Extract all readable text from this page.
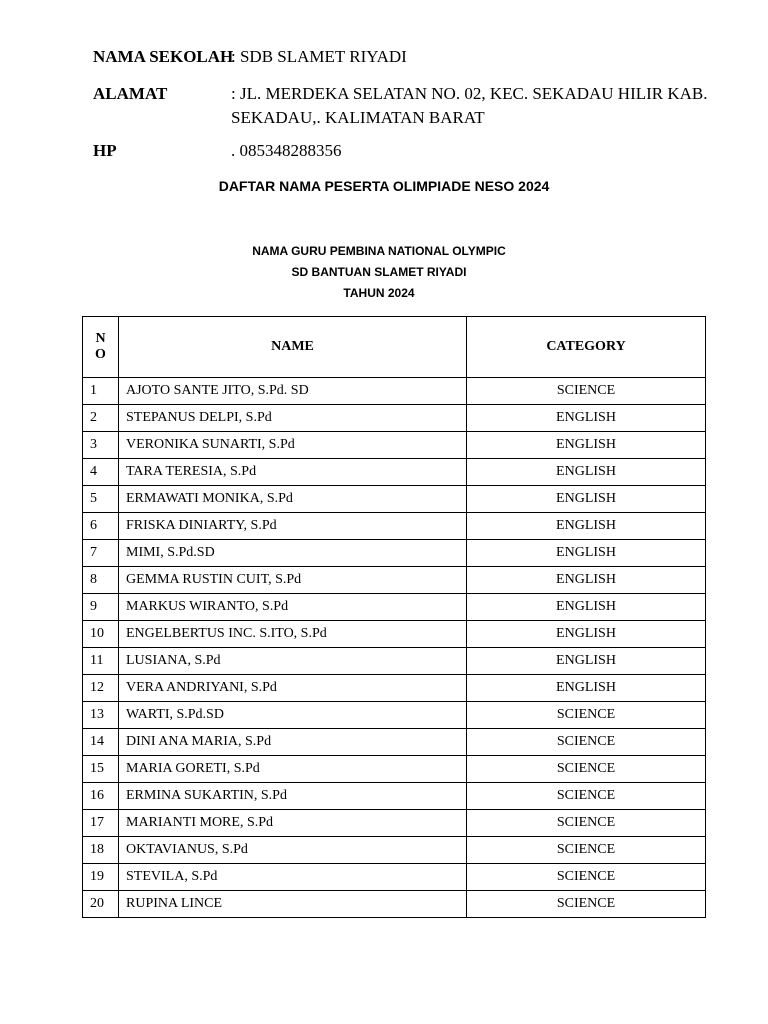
NAMA SEKOLAH
: SDB SLAMET RIYADI
ALAMAT	: JL. MERDEKA SELATAN NO. 02, KEC. SEKADAU HILIR KAB.
SEKADAU,. KALIMATAN BARAT
HP	. 085348288356
DAFTAR NAMA PESERTA OLIMPIADE NESO 2024
NAMA GURU PEMBINA NATIONAL OLYMPIC
SD BANTUAN SLAMET RIYADI
TAHUN 2024
N
O	NAME	CATEGORY
1	AJOTO SANTE JITO, S.Pd. SD	SCIENCE
2	STEPANUS DELPI, S.Pd	ENGLISH
3	VERONIKA SUNARTI, S.Pd	ENGLISH
4	TARA TERESIA, S.Pd	ENGLISH
5	ERMAWATI MONIKA, S.Pd	ENGLISH
6	FRISKA DINIARTY, S.Pd	ENGLISH
7	MIMI, S.Pd.SD	ENGLISH
8	GEMMA RUSTIN CUIT, S.Pd	ENGLISH
9	MARKUS WIRANTO, S.Pd	ENGLISH
10	ENGELBERTUS INC. S.ITO, S.Pd	ENGLISH
11	LUSIANA, S.Pd	ENGLISH
12	VERA ANDRIYANI, S.Pd	ENGLISH
13	WARTI, S.Pd.SD	SCIENCE
14	DINI ANA MARIA, S.Pd	SCIENCE
15	MARIA GORETI, S.Pd	SCIENCE
16	ERMINA SUKARTIN, S.Pd	SCIENCE
17	MARIANTI MORE, S.Pd	SCIENCE
18	OKTAVIANUS, S.Pd	SCIENCE
19	STEVILA, S.Pd	SCIENCE
20	RUPINA LINCE	SCIENCE
